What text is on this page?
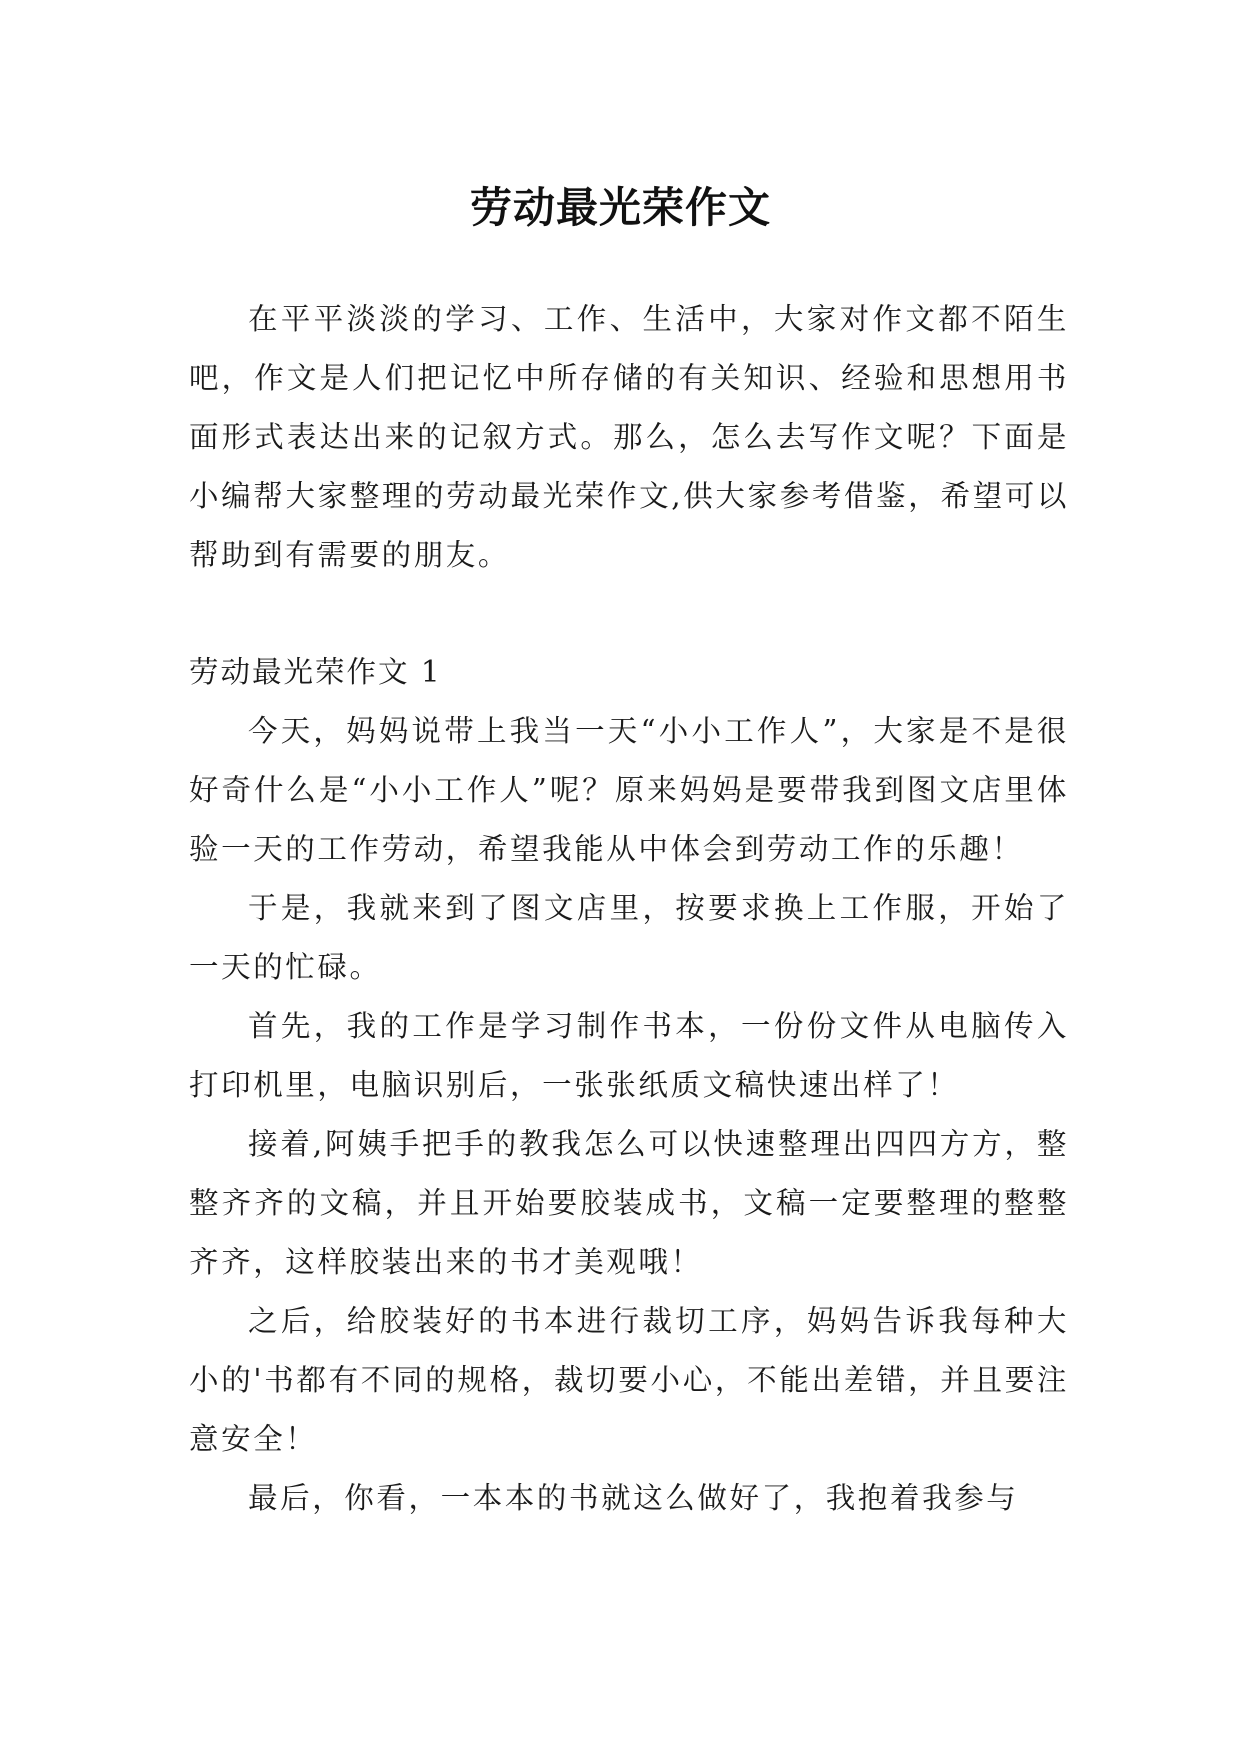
劳动最光荣作文

在平平淡淡的学习、工作、生活中，大家对作文都不陌生吧，作文是人们把记忆中所存储的有关知识、经验和思想用书面形式表达出来的记叙方式。那么，怎么去写作文呢？下面是小编帮大家整理的劳动最光荣作文,供大家参考借鉴，希望可以帮助到有需要的朋友。

劳动最光荣作文 1

今天，妈妈说带上我当一天“小小工作人”，大家是不是很好奇什么是“小小工作人”呢？原来妈妈是要带我到图文店里体验一天的工作劳动，希望我能从中体会到劳动工作的乐趣！

于是，我就来到了图文店里，按要求换上工作服，开始了一天的忙碌。

首先，我的工作是学习制作书本，一份份文件从电脑传入打印机里，电脑识别后，一张张纸质文稿快速出样了！

接着,阿姨手把手的教我怎么可以快速整理出四四方方，整整齐齐的文稿，并且开始要胶装成书，文稿一定要整理的整整齐齐，这样胶装出来的书才美观哦！

之后，给胶装好的书本进行裁切工序，妈妈告诉我每种大小的'书都有不同的规格，裁切要小心，不能出差错，并且要注意安全！

最后，你看，一本本的书就这么做好了，我抱着我参与
